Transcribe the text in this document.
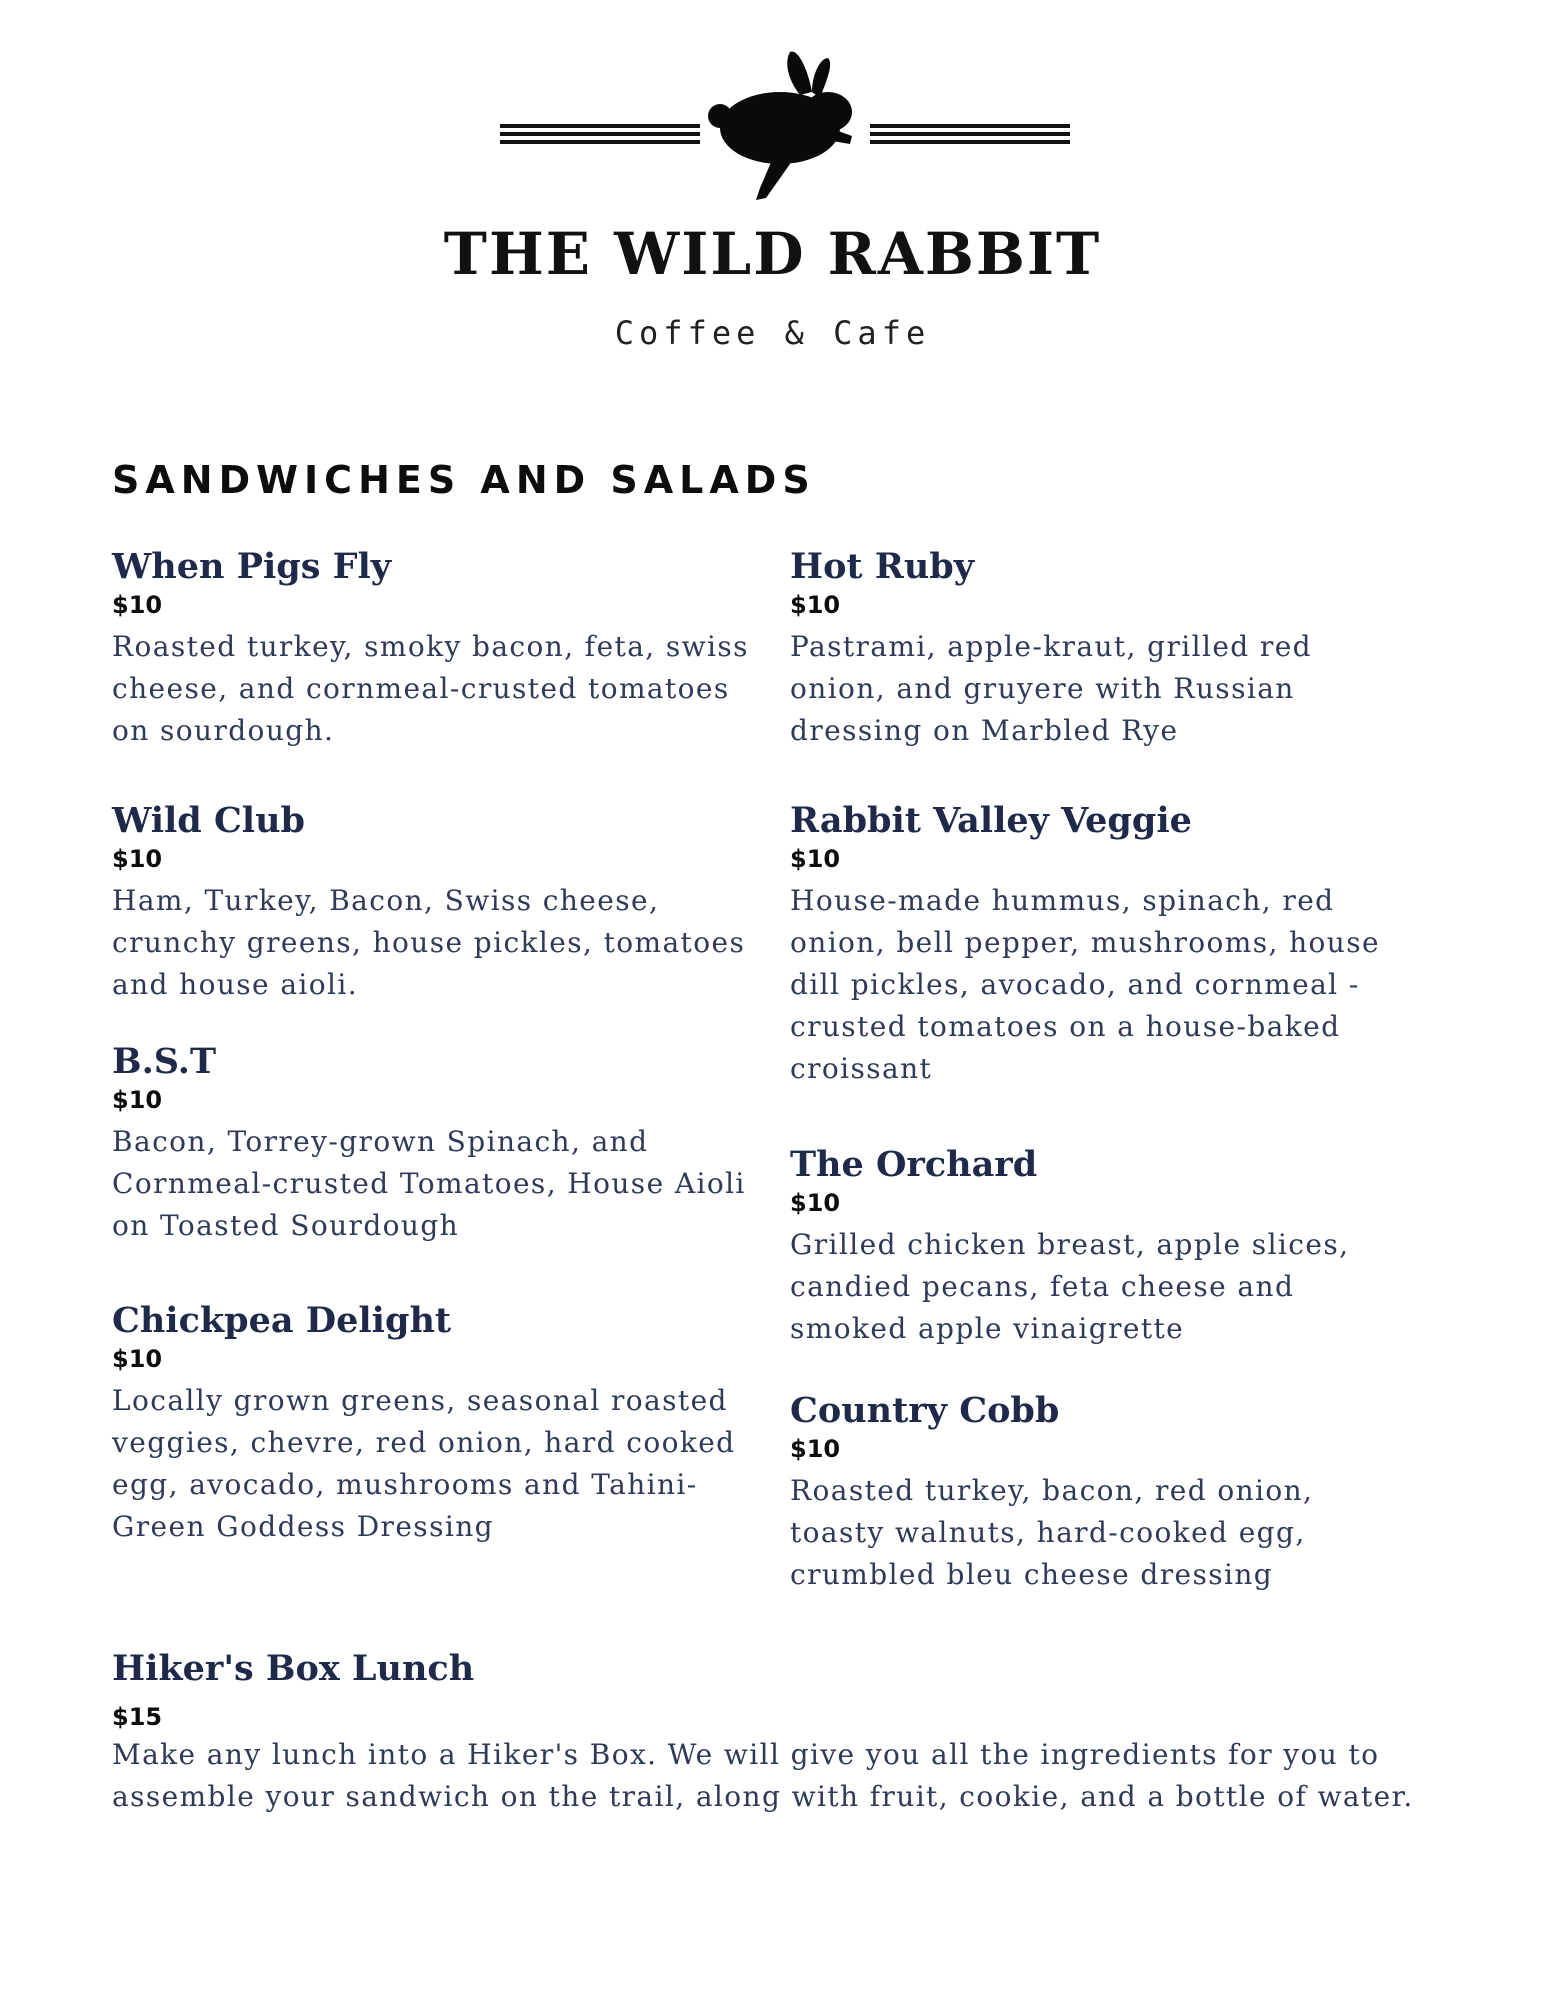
THE WILD RABBIT

Coffee & Cafe

SANDWICHES AND SALADS

When Pigs Fly

$10

Roasted turkey, smoky bacon, feta, swiss cheese, and cornmeal-crusted tomatoes on sourdough.

Wild Club

$10

Ham, Turkey, Bacon, Swiss cheese, crunchy greens, house pickles, tomatoes and house aioli.

B.S.T

$10

Bacon, Torrey-grown Spinach, and Cornmeal-crusted Tomatoes, House Aioli on Toasted Sourdough

Chickpea Delight

$10

Locally grown greens, seasonal roasted veggies, chevre, red onion, hard cooked egg, avocado, mushrooms and Tahini-Green Goddess Dressing

Hot Ruby

$10

Pastrami, apple-kraut, grilled red onion, and gruyere with Russian dressing on Marbled Rye

Rabbit Valley Veggie

$10

House-made hummus, spinach, red onion, bell pepper, mushrooms, house dill pickles, avocado, and cornmeal -crusted tomatoes on a house-baked croissant

The Orchard

$10

Grilled chicken breast, apple slices, candied pecans, feta cheese and smoked apple vinaigrette

Country Cobb

$10

Roasted turkey, bacon, red onion, toasty walnuts, hard-cooked egg, crumbled bleu cheese dressing

Hiker's Box Lunch

$15

Make any lunch into a Hiker's Box. We will give you all the ingredients for you to assemble your sandwich on the trail, along with fruit, cookie, and a bottle of water.
